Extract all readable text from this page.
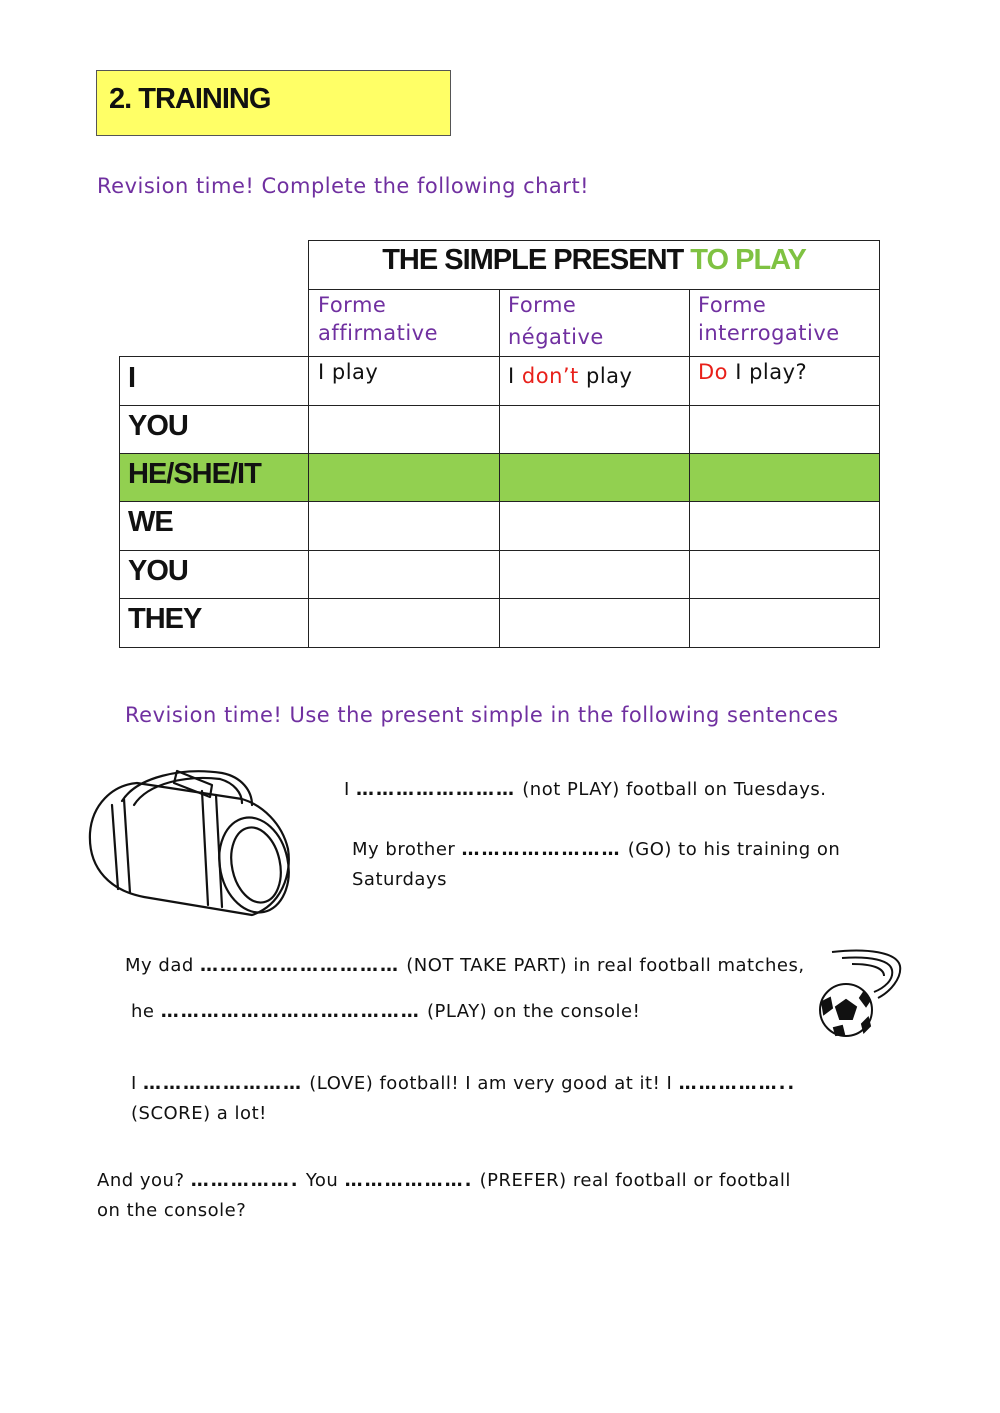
2. TRAINING
Revision time! Complete the following chart!
THE SIMPLE PRESENT TO PLAY
Forme
affirmative
Forme
négative
Forme
interrogative
I
YOU
HE/SHE/IT
WE
YOU
THEY
I play	I don’t play	Do I play?
Revision time! Use the present simple in the following sentences
I …………………… (not PLAY) football on Tuesdays.
My brother …………………… (GO) to his training on
Saturdays
My dad ………………………… (NOT TAKE PART) in real football matches,
he ………………………………… (PLAY) on the console!
I …………………… (LOVE) football! I am very good at it! I ……………..
(SCORE) a lot!
And you? ……………. You ………………. (PREFER) real football or football
on the console?
